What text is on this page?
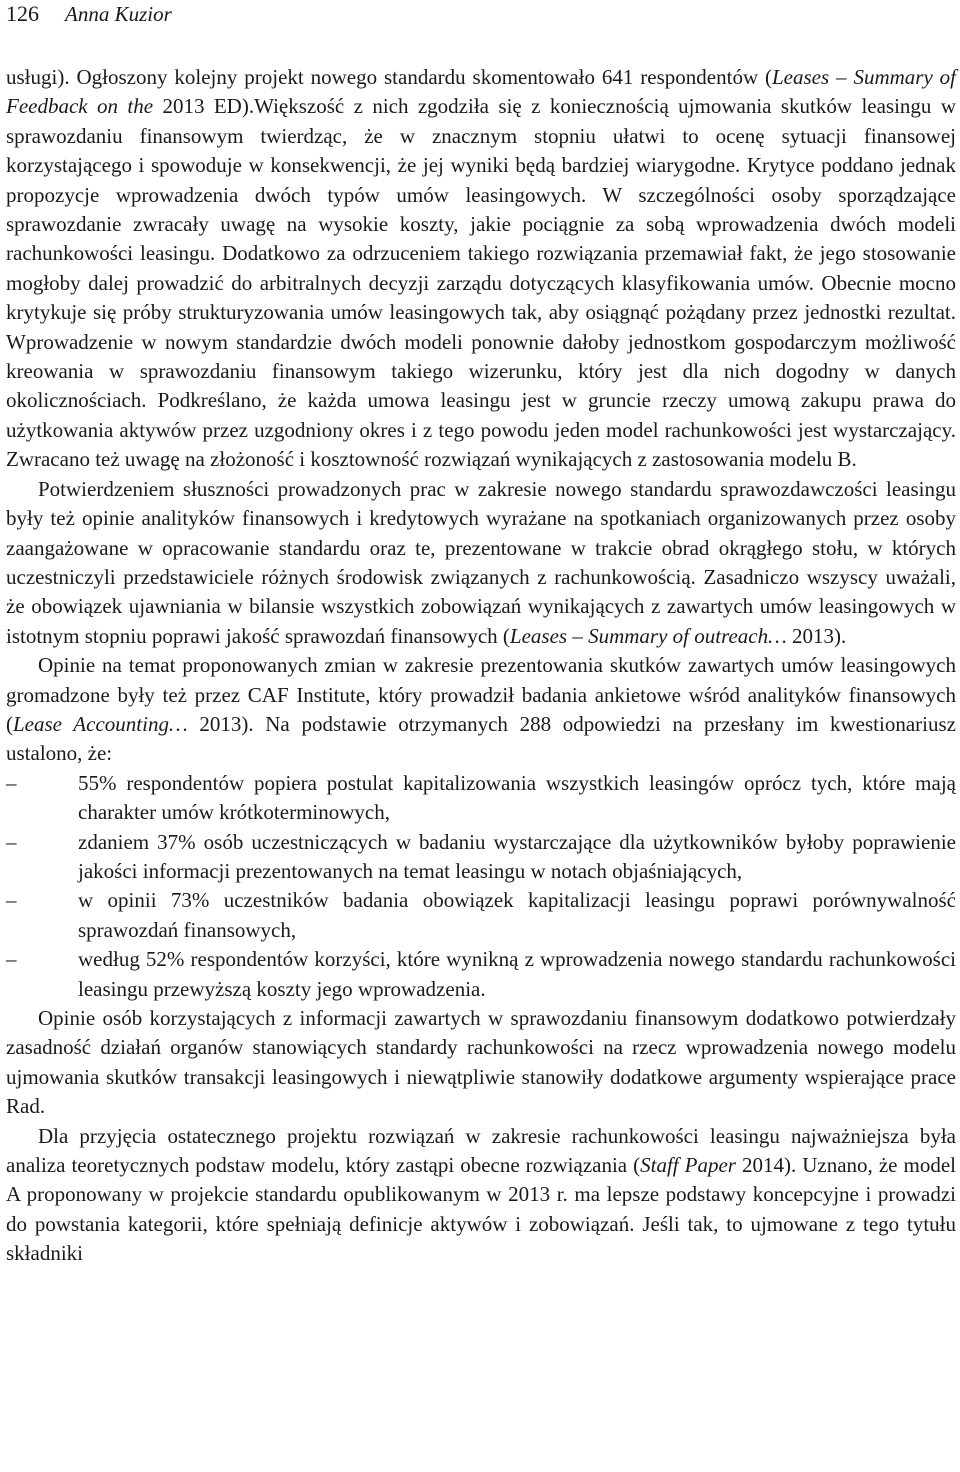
126 Anna Kuzior

usługi). Ogłoszony kolejny projekt nowego standardu skomentowało 641 respondentów (Leases – Summary of Feedback on the 2013 ED).Większość z nich zgodziła się z koniecznością ujmowania skutków leasingu w sprawozdaniu finansowym twierdząc, że w znacznym stopniu ułatwi to ocenę sytuacji finansowej korzystającego i spowoduje w konsekwencji, że jej wyniki będą bardziej wiarygodne. Krytyce poddano jednak propozycje wprowadzenia dwóch typów umów leasingowych. W szczególności osoby sporządzające sprawozdanie zwracały uwagę na wysokie koszty, jakie pociągnie za sobą wprowadzenia dwóch modeli rachunkowości leasingu. Dodatkowo za odrzuceniem takiego rozwiązania przemawiał fakt, że jego stosowanie mogłoby dalej prowadzić do arbitralnych decyzji zarządu dotyczących klasyfikowania umów. Obecnie mocno krytykuje się próby strukturyzowania umów leasingowych tak, aby osiągnąć pożądany przez jednostki rezultat. Wprowadzenie w nowym standardzie dwóch modeli ponownie dałoby jednostkom gospodarczym możliwość kreowania w sprawozdaniu finansowym takiego wizerunku, który jest dla nich dogodny w danych okolicznościach. Podkreślano, że każda umowa leasingu jest w gruncie rzeczy umową zakupu prawa do użytkowania aktywów przez uzgodniony okres i z tego powodu jeden model rachunkowości jest wystarczający. Zwracano też uwagę na złożoność i kosztowność rozwiązań wynikających z zastosowania modelu B.

Potwierdzeniem słuszności prowadzonych prac w zakresie nowego standardu sprawozdawczości leasingu były też opinie analityków finansowych i kredytowych wyrażane na spotkaniach organizowanych przez osoby zaangażowane w opracowanie standardu oraz te, prezentowane w trakcie obrad okrągłego stołu, w których uczestniczyli przedstawiciele różnych środowisk związanych z rachunkowością. Zasadniczo wszyscy uważali, że obowiązek ujawniania w bilansie wszystkich zobowiązań wynikających z zawartych umów leasingowych w istotnym stopniu poprawi jakość sprawozdań finansowych (Leases – Summary of outreach… 2013).

Opinie na temat proponowanych zmian w zakresie prezentowania skutków zawartych umów leasingowych gromadzone były też przez CAF Institute, który prowadził badania ankietowe wśród analityków finansowych (Lease Accounting… 2013). Na podstawie otrzymanych 288 odpowiedzi na przesłany im kwestionariusz ustalono, że:

–	55% respondentów popiera postulat kapitalizowania wszystkich leasingów oprócz tych, które mają charakter umów krótkoterminowych,
–	zdaniem 37% osób uczestniczących w badaniu wystarczające dla użytkowników byłoby poprawienie jakości informacji prezentowanych na temat leasingu w notach objaśniających,
–	w opinii 73% uczestników badania obowiązek kapitalizacji leasingu poprawi porównywalność sprawozdań finansowych,
–	według 52% respondentów korzyści, które wynikną z wprowadzenia nowego standardu rachunkowości leasingu przewyższą koszty jego wprowadzenia.

Opinie osób korzystających z informacji zawartych w sprawozdaniu finansowym dodatkowo potwierdzały zasadność działań organów stanowiących standardy rachunkowości na rzecz wprowadzenia nowego modelu ujmowania skutków transakcji leasingowych i niewątpliwie stanowiły dodatkowe argumenty wspierające prace Rad.

Dla przyjęcia ostatecznego projektu rozwiązań w zakresie rachunkowości leasingu najważniejsza była analiza teoretycznych podstaw modelu, który zastąpi obecne rozwiązania (Staff Paper 2014). Uznano, że model A proponowany w projekcie standardu opublikowanym w 2013 r. ma lepsze podstawy koncepcyjne i prowadzi do powstania kategorii, które spełniają definicje aktywów i zobowiązań. Jeśli tak, to ujmowane z tego tytułu składniki
